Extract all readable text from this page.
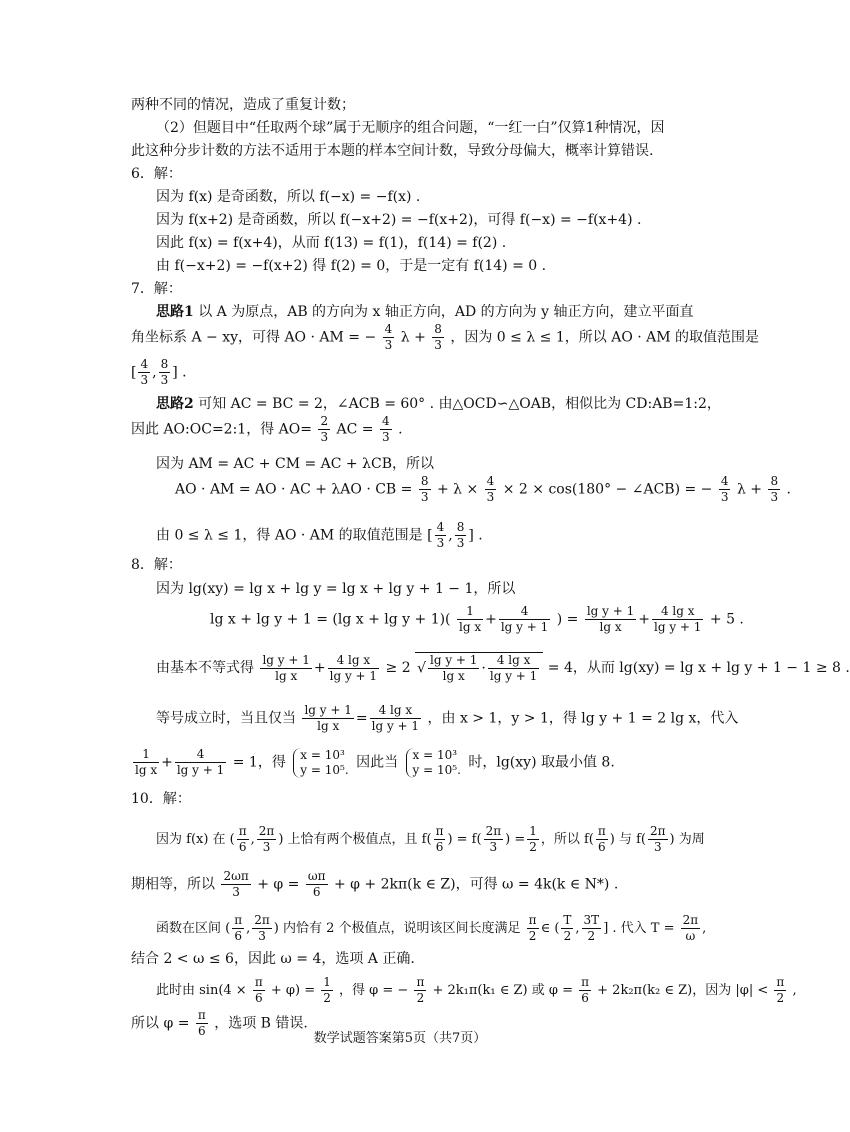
两种不同的情况，造成了重复计数；
（2）但题目中“任取两个球”属于无顺序的组合问题，“一红一白”仅算1种情况，因
此这种分步计数的方法不适用于本题的样本空间计数，导致分母偏大，概率计算错误.
6．解：
因为 f(x) 是奇函数，所以 f(−x) = −f(x) .
因为 f(x+2) 是奇函数，所以 f(−x+2) = −f(x+2)，可得 f(−x) = −f(x+4) .
因此 f(x) = f(x+4)，从而 f(13) = f(1)，f(14) = f(2) .
由 f(−x+2) = −f(x+2) 得 f(2) = 0，于是一定有 f(14) = 0 .
7．解：
思路1 以 A 为原点，AB 的方向为 x 轴正方向，AD 的方向为 y 轴正方向，建立平面直
角坐标系 A − xy，可得 AO · AM = − $\frac{4}{3}$ $\lambda + \frac{8}{3}$ ，因为 0 ≤ λ ≤ 1，所以 AO · AM 的取值范围是
[ $\frac{4}{3}$ , $\frac{8}{3}$ ] .
思路2 可知 AC = BC = 2，∠ACB = 60° . 由△OCD∽△OAB，相似比为 CD:AB=1:2，
因此 AO:OC=2:1，得 $AO= \frac{2}{3}$ AC = $\frac{4}{3}$ .
因为 AM = AC + CM = AC + λCB，所以
AO · AM = AO · AC + λAO · CB = $\frac{8}{3} + \lambda \times \frac{4}{3} \times 2 \times \cos(180^\circ$ − ∠ACB) = − $\frac{4}{3}$ $\lambda + \frac{8}{3}$ .
由 0 ≤ λ ≤ 1，得 AO · AM 的取值范围是 [ $\frac{4}{3}$ , $\frac{8}{3}$ ] .
8．解：
因为 lg(xy) = lg x + lg y = lg x + lg y + 1 − 1，所以
lg x + lg y + 1 = (lg $x + \lg y + 1)( \frac{1}{\text{lg x}} + \frac{4}{\text{lg y + 1}}$ ) = $\frac{\text{lg y + 1}}{\text{lg x}} + \frac{\text{4 lg x}}{\text{lg y + 1}} + 5$ .
由基本不等式得 $\frac{\text{lg y + 1}}{\text{lg x}} + \frac{\text{4 lg x}}{\text{lg y + 1}} \ge 2$ √ $\frac{\text{lg y + 1}}{\text{lg x}} \cdot \frac{\text{4 lg x}}{\text{lg y + 1}} = 4$，从而 lg(xy) = lg x + lg y + 1 − 1 ≥ 8 .
等号成立时，当且仅当 $\frac{\text{lg y + 1}}{\text{lg x}} = \frac{\text{4 lg x}}{\text{lg y + 1}}$ ，由 x > 1，y > 1，得 lg y + 1 = 2 lg x，代入
$\frac{1}{\text{lg x}} + \frac{4}{\text{lg y + 1}} = 1$，得 x = 10³
y = 10⁵. 因此当 x = 10³
y = 10⁵. 时，lg(xy) 取最小值 8.
10．解：
因为 f(x) 在 ( $\frac{\pi}{6}$ , $\frac{2\pi}{3}$ ) 上恰有两个极值点，且 $f( \frac{\pi}{6}$ ) = $f( \frac{2\pi}{3}$ ) = $\frac{1}{2}$ ，所以 $f( \frac{\pi}{6}$ ) 与 $f( \frac{2\pi}{3}$ ) 为周
期相等，所以 $\frac{2\omega\pi}{3} + \varphi = \frac{\omega\pi}{6} + \varphi + 2k\pi(k$ ∈ Z)，可得 ω = 4k(k ∈ N*) .
函数在区间 ( $\frac{\pi}{6}$ , $\frac{2\pi}{3}$ ) 内恰有 2 个极值点，说明该区间长度满足 $\frac{\pi}{2}$ ∈ ( $\frac{T}{2}$ , $\frac{3T}{2}$ ] . 代入 $T = \frac{2\pi}{\omega}$ ,
结合 2 < ω ≤ 6，因此 ω = 4，选项 A 正确.
此时由 $\sin(4 \times \frac{\pi}{6} + \varphi) = \frac{1}{2}$ ，得 φ = − $\frac{\pi}{2} + 2k_1\pi(k_1$ ∈ Z) 或 $\varphi = \frac{\pi}{6} + 2k_2\pi(k_2$ ∈ Z)，因为 $|\varphi| < \frac{\pi}{2}$ ,
所以 $\varphi = \frac{\pi}{6}$ ，选项 B 错误.
数学试题答案第5页（共7页）
